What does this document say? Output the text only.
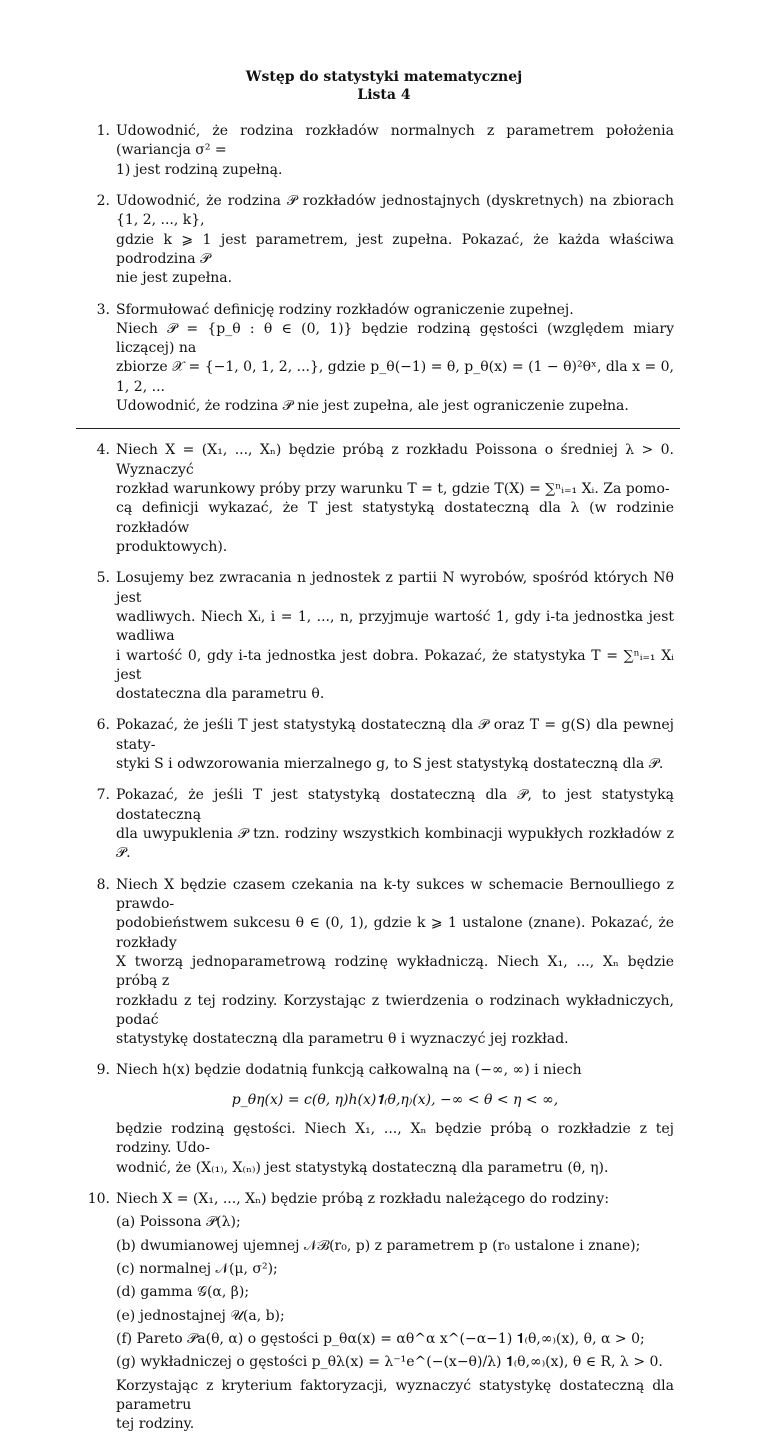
Wstęp do statystyki matematycznej
Lista 4
1. Udowodnić, że rodzina rozkładów normalnych z parametrem położenia (wariancja σ² =
1) jest rodziną zupełną.
2. Udowodnić, że rodzina 𝒫 rozkładów jednostajnych (dyskretnych) na zbiorach {1, 2, ..., k},
gdzie k ⩾ 1 jest parametrem, jest zupełna. Pokazać, że każda właściwa podrodzina 𝒫
nie jest zupełna.
3. Sformułować definicję rodziny rozkładów ograniczenie zupełnej.
Niech 𝒫 = {p_θ : θ ∈ (0, 1)} będzie rodziną gęstości (względem miary liczącej) na
zbiorze 𝒳 = {−1, 0, 1, 2, ...}, gdzie p_θ(−1) = θ, p_θ(x) = (1 − θ)²θˣ, dla x = 0, 1, 2, ...
Udowodnić, że rodzina 𝒫 nie jest zupełna, ale jest ograniczenie zupełna.
4. Niech X = (X₁, ..., Xₙ) będzie próbą z rozkładu Poissona o średniej λ > 0. Wyznaczyć
rozkład warunkowy próby przy warunku T = t, gdzie T(X) = ∑ⁿᵢ₌₁ Xᵢ. Za pomo-
cą definicji wykazać, że T jest statystyką dostateczną dla λ (w rodzinie rozkładów
produktowych).
5. Losujemy bez zwracania n jednostek z partii N wyrobów, spośród których Nθ jest
wadliwych. Niech Xᵢ, i = 1, ..., n, przyjmuje wartość 1, gdy i-ta jednostka jest wadliwa
i wartość 0, gdy i-ta jednostka jest dobra. Pokazać, że statystyka T = ∑ⁿᵢ₌₁ Xᵢ jest
dostateczna dla parametru θ.
6. Pokazać, że jeśli T jest statystyką dostateczną dla 𝒫 oraz T = g(S) dla pewnej staty-
styki S i odwzorowania mierzalnego g, to S jest statystyką dostateczną dla 𝒫.
7. Pokazać, że jeśli T jest statystyką dostateczną dla 𝒫, to jest statystyką dostateczną
dla uwypuklenia 𝒫 tzn. rodziny wszystkich kombinacji wypukłych rozkładów z 𝒫.
8. Niech X będzie czasem czekania na k-ty sukces w schemacie Bernoulliego z prawdo-
podobieństwem sukcesu θ ∈ (0, 1), gdzie k ⩾ 1 ustalone (znane). Pokazać, że rozkłady
X tworzą jednoparametrową rodzinę wykładniczą. Niech X₁, ..., Xₙ będzie próbą z
rozkładu z tej rodziny. Korzystając z twierdzenia o rodzinach wykładniczych, podać
statystykę dostateczną dla parametru θ i wyznaczyć jej rozkład.
9. Niech h(x) będzie dodatnią funkcją całkowalną na (−∞, ∞) i niech
p_θη(x) = c(θ, η)h(x)𝟏₍θ,η₎(x), −∞ < θ < η < ∞,
będzie rodziną gęstości. Niech X₁, ..., Xₙ będzie próbą o rozkładzie z tej rodziny. Udo-
wodnić, że (X₍₁₎, X₍ₙ₎) jest statystyką dostateczną dla parametru (θ, η).
10. Niech X = (X₁, ..., Xₙ) będzie próbą z rozkładu należącego do rodziny:
(a) Poissona 𝒫(λ);
(b) dwumianowej ujemnej 𝒩ℬ(r₀, p) z parametrem p (r₀ ustalone i znane);
(c) normalnej 𝒩(μ, σ²);
(d) gamma 𝒢(α, β);
(e) jednostajnej 𝒰(a, b);
(f) Pareto 𝒫a(θ, α) o gęstości p_θα(x) = αθ^α x^(−α−1) 𝟏₍θ,∞₎(x), θ, α > 0;
(g) wykładniczej o gęstości p_θλ(x) = λ⁻¹e^(−(x−θ)/λ) 𝟏₍θ,∞₎(x), θ ∈ R, λ > 0.
Korzystając z kryterium faktoryzacji, wyznaczyć statystykę dostateczną dla parametru
tej rodziny.
